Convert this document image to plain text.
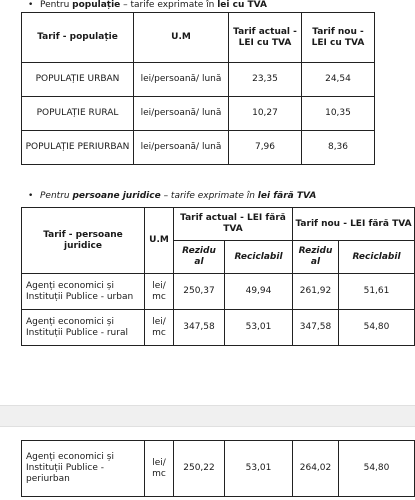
• Pentru populație – tarife exprimate în lei cu TVA
Tarif - populație	U.M	Tarif actual - LEI cu TVA	Tarif nou - LEI cu TVA
POPULAȚIE URBAN	lei/persoană/ lună	23,35	24,54
POPULAȚIE RURAL	lei/persoană/ lună	10,27	10,35
POPULAȚIE PERIURBAN	lei/persoană/ lună	7,96	8,36
• Pentru persoane juridice – tarife exprimate în lei fără TVA
Tarif - persoane juridice	U.M	Tarif actual - LEI fără TVA		Tarif nou - LEI fără TVA	
		Rezidu al	Reciclabil	Rezidu al	Reciclabil
Agenți economici și Instituții Publice - urban	lei/ mc	250,37	49,94	261,92	51,61
Agenți economici și Instituții Publice - rural	lei/ mc	347,58	53,01	347,58	54,80
Agenți economici și Instituții Publice - periurban	lei/ mc	250,22	53,01	264,02	54,80
